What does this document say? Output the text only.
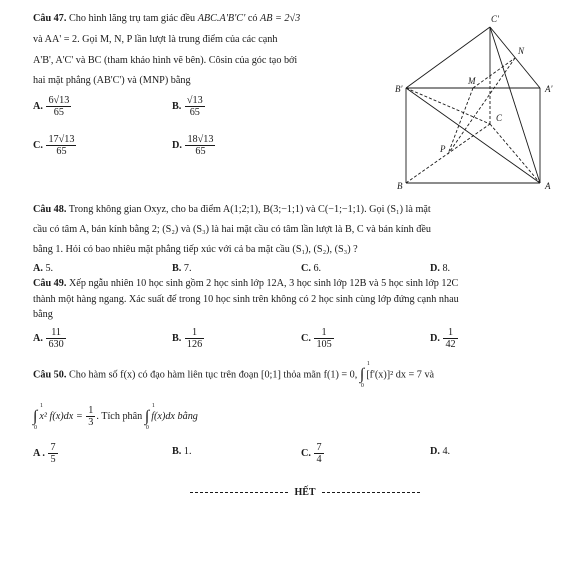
Câu 47. Cho hình lăng trụ tam giác đều ABC.A'B'C' có AB = 2√3
và AA' = 2. Gọi M, N, P lần lượt là trung điểm của các cạnh
A'B', A'C' và BC (tham khảo hình vẽ bên). Côsin của góc tạo bởi
hai mặt phẳng (AB'C') và (MNP) bằng
A. $\frac{6√13}{65}$	B. $\frac{√13}{65}$
C. $\frac{17√13}{65}$	D. $\frac{18√13}{65}$
C'
N
B'
M
A'
C
P
B	A
Câu 48. Trong không gian Oxyz, cho ba điểm A(1;2;1), B(3;−1;1) và C(−1;−1;1). Gọi (S₁) là mặt
cầu có tâm A, bán kính bằng 2; (S₂) và (S₃) là hai mặt cầu có tâm lần lượt là B, C và bán kính đều
bằng 1. Hỏi có bao nhiêu mặt phẳng tiếp xúc với cả ba mặt cầu (S₁), (S₂), (S₃) ?
A. 5.	B. 7.	C. 6.	D. 8.
Câu 49. Xếp ngẫu nhiên 10 học sinh gồm 2 học sinh lớp 12A, 3 học sinh lớp 12B và 5 học sinh lớp 12C
thành một hàng ngang. Xác suất để trong 10 học sinh trên không có 2 học sinh cùng lớp đứng cạnh nhau
bằng
A. $\frac{11}{630}$	B. $\frac{1}{126}$	C. $\frac{1}{105}$	D. $\frac{1}{42}$
Câu 50. Cho hàm số f(x) có đạo hàm liên tục trên đoạn [0;1] thỏa mãn f(1) = 0, ∫
1
0
[f'(x)]² dx = 7 và
∫
1
0
x² $f(x)dx = \frac{1}{3}$ . Tích phân ∫
1
0
f(x)dx bằng
A . $\frac{7}{5}$	B. 1.	C. $\frac{7}{4}$	D. 4.
HẾT
